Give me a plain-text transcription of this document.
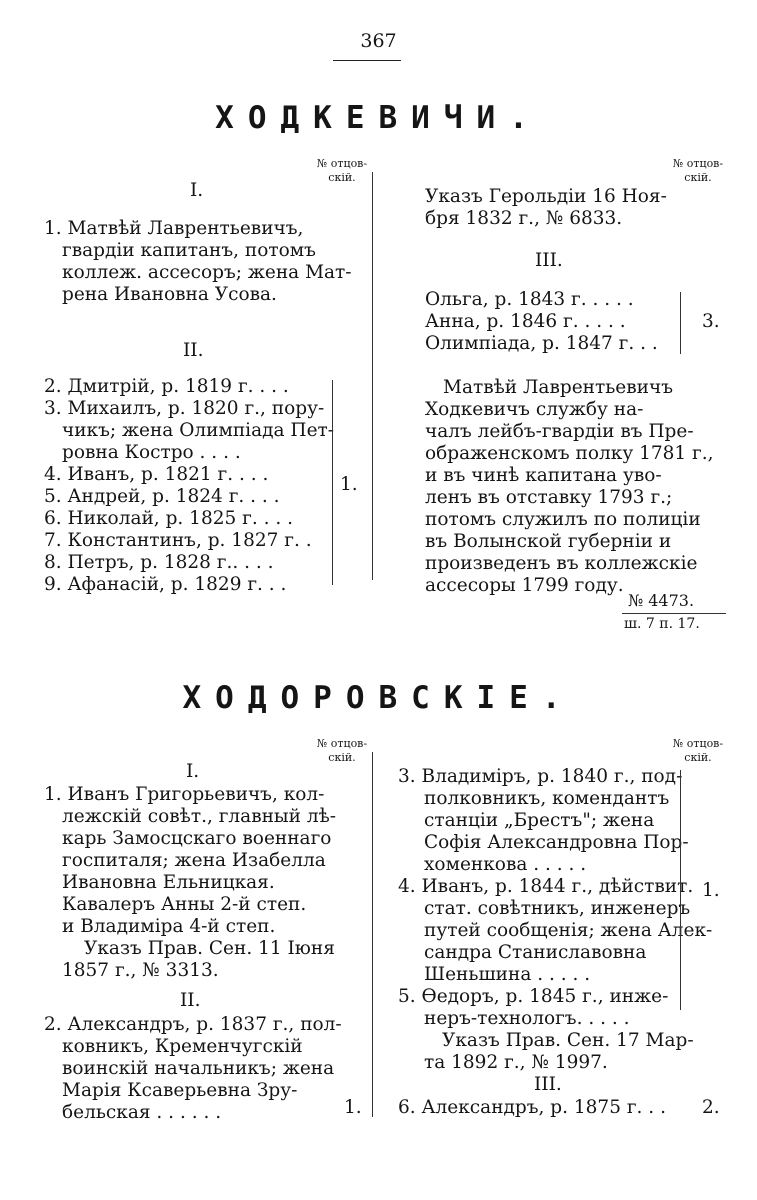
367
ХОДКЕВИЧИ.
№ отцов-
скій.
№ отцов-
скій.
I.
1. Матвѣй Лаврентьевичъ,
гвардіи капитанъ, потомъ
коллеж. ассесоръ; жена Мат-
рена Ивановна Усова.
II.
2. Дмитрій, р. 1819 г. . . .
3. Михаилъ, р. 1820 г., пору-
чикъ; жена Олимпіада Пет-
ровна Костро . . . .
4. Иванъ, р. 1821 г. . . .
5. Андрей, р. 1824 г. . . .
6. Николай, р. 1825 г. . . .
7. Константинъ, р. 1827 г. .
8. Петръ, р. 1828 г.. . . .
9. Афанасій, р. 1829 г. . .
1.
Указъ Герольдіи 16 Ноя-
бря 1832 г., № 6833.
III.
Ольга, р. 1843 г. . . . .
Анна, р. 1846 г. . . . .
Олимпіада, р. 1847 г. . .
3.
Матвѣй Лаврентьевичъ
Ходкевичъ службу на-
чалъ лейбъ-гвардіи въ Пре-
ображенскомъ полку 1781 г.,
и въ чинѣ капитана уво-
ленъ въ отставку 1793 г.;
потомъ служилъ по полиціи
въ Волынской губерніи и
произведенъ въ коллежскіе
ассесоры 1799 году.
№ 4473.
ш. 7 п. 17.
ХОДОРОВСКІЕ.
№ отцов-
скій.
№ отцов-
скій.
I.
1. Иванъ Григорьевичъ, кол-
лежскій совѣт., главный лѣ-
карь Замосцскаго военнаго
госпиталя; жена Изабелла
Ивановна Ельницкая.
Кавалеръ Анны 2-й степ.
и Владиміра 4-й степ.
Указъ Прав. Сен. 11 Іюня
1857 г., № 3313.
II.
2. Александръ, р. 1837 г., пол-
ковникъ, Кременчугскій
воинскій начальникъ; жена
Марія Ксаверьевна Зру-
бельская . . . . . .	1.
3. Владиміръ, р. 1840 г., под-
полковникъ, комендантъ
станціи „Брестъ"; жена
Софія Александровна Пор-
хоменкова . . . . .
4. Иванъ, р. 1844 г., дѣйствит.
стат. совѣтникъ, инженеръ
путей сообщенія; жена Алек-
сандра Станиславовна
Шеньшина . . . . .
5. Ѳедоръ, р. 1845 г., инже-
неръ-технологъ. . . . .
Указъ Прав. Сен. 17 Мар-
та 1892 г., № 1997.
1.
III.
6. Александръ, р. 1875 г. . . 2.
